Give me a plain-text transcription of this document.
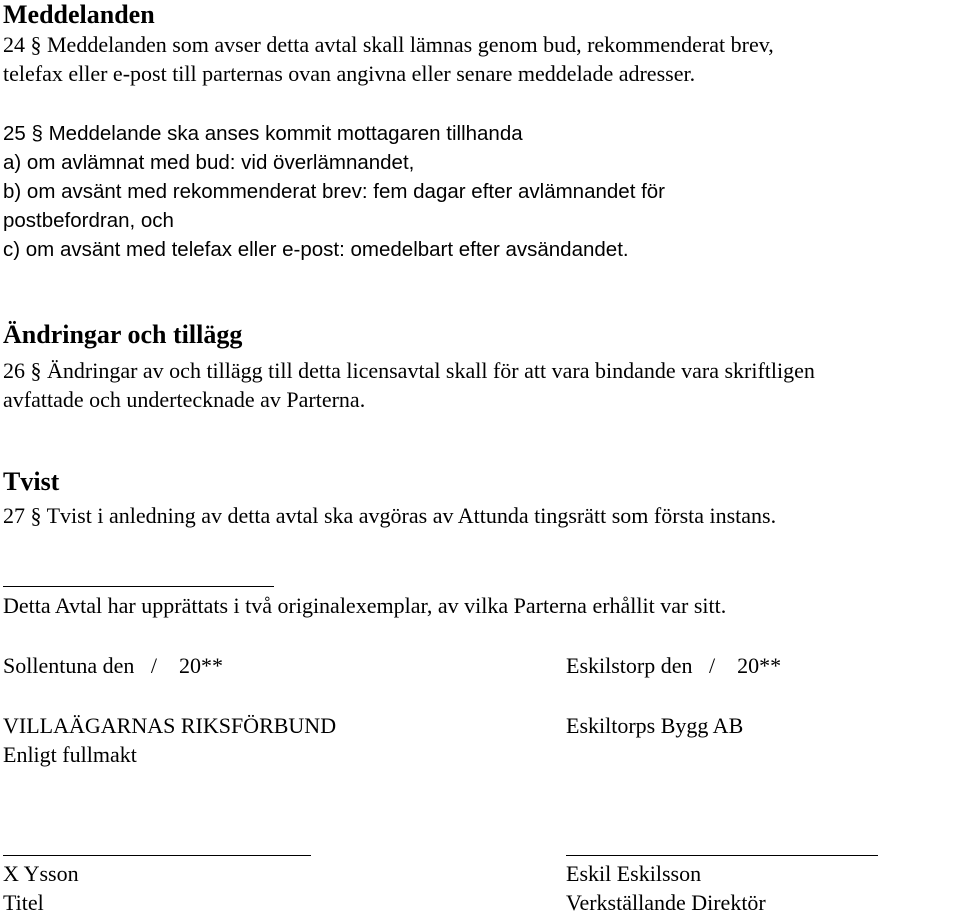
Meddelanden
24 § Meddelanden som avser detta avtal skall lämnas genom bud, rekommenderat brev,
telefax eller e-post till parternas ovan angivna eller senare meddelade adresser.
25 § Meddelande ska anses kommit mottagaren tillhanda
a) om avlämnat med bud: vid överlämnandet,
b) om avsänt med rekommenderat brev: fem dagar efter avlämnandet för
postbefordran, och
c) om avsänt med telefax eller e-post: omedelbart efter avsändandet.
Ändringar och tillägg
26 § Ändringar av och tillägg till detta licensavtal skall för att vara bindande vara skriftligen
avfattade och undertecknade av Parterna.
Tvist
27 § Tvist i anledning av detta avtal ska avgöras av Attunda tingsrätt som första instans.
Detta Avtal har upprättats i två originalexemplar, av vilka Parterna erhållit var sitt.
Sollentuna den   /    20**
VILLAÄGARNAS RIKSFÖRBUND
Enligt fullmakt
X Ysson
Titel
Eskilstorp den   /    20**
Eskiltorps Bygg AB
Eskil Eskilsson
Verkställande Direktör
